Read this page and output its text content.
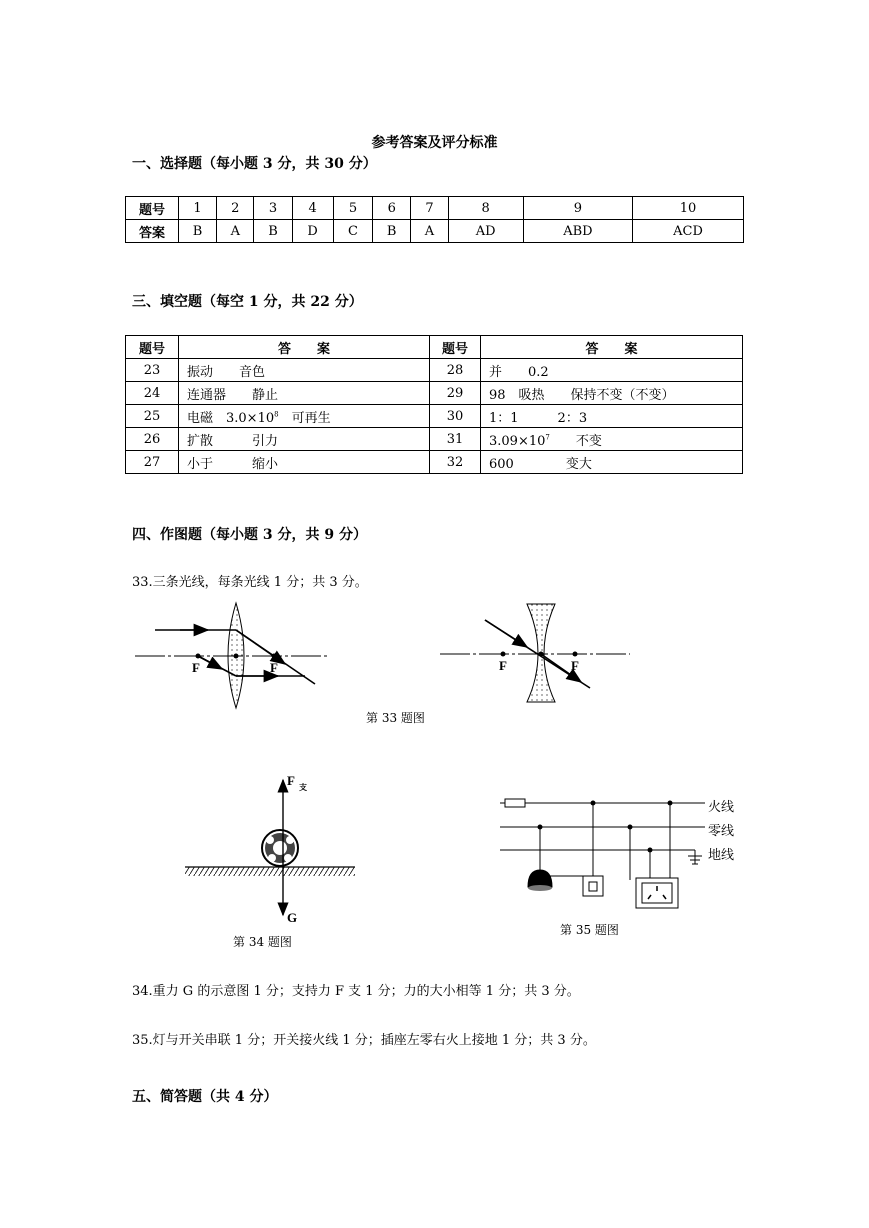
参考答案及评分标准
一、选择题（每小题 3 分，共 30 分）
题号	1	2	3	4	5	6	7	8	9	10
答案	B	A	B	D	C	B	A	AD	ABD	ACD
三、填空题（每空 1 分，共 22 分）
题号	答　　案	题号	答　　案
23	振动　　音色	28	并　　0.2
24	连通器　　静止	29	98　吸热　　保持不变（不变）
25	电磁　$3.0\times 10^8$　可再生	30	1：1　　　2：3
26	扩散　　　引力	31	$3.09\times 10^7$　　不变
27	小于　　　缩小	32	600　　　　变大
四、作图题（每小题 3 分，共 9 分）
33.三条光线，每条光线 1 分；共 3 分。
F	F	F	F
第 33 题图
F 支
G
第 34 题图
火线
零线
地线
第 35 题图
34.重力 G 的示意图 1 分；支持力 F 支 1 分；力的大小相等 1 分；共 3 分。
35.灯与开关串联 1 分；开关接火线 1 分；插座左零右火上接地 1 分；共 3 分。
五、简答题（共 4 分）
